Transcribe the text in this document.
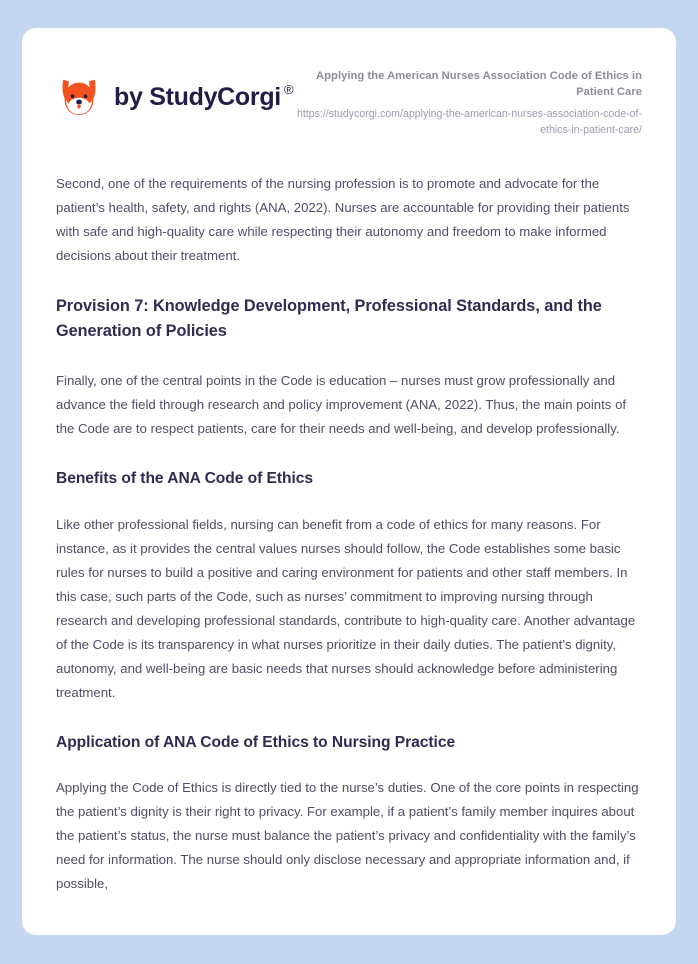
by StudyCorgi ®
Applying the American Nurses Association Code of Ethics in Patient Care
https://studycorgi.com/applying-the-american-nurses-association-code-of-ethics-in-patient-care/

Second, one of the requirements of the nursing profession is to promote and advocate for the patient’s health, safety, and rights (ANA, 2022). Nurses are accountable for providing their patients with safe and high-quality care while respecting their autonomy and freedom to make informed decisions about their treatment.

Provision 7: Knowledge Development, Professional Standards, and the Generation of Policies

Finally, one of the central points in the Code is education – nurses must grow professionally and advance the field through research and policy improvement (ANA, 2022). Thus, the main points of the Code are to respect patients, care for their needs and well-being, and develop professionally.

Benefits of the ANA Code of Ethics

Like other professional fields, nursing can benefit from a code of ethics for many reasons. For instance, as it provides the central values nurses should follow, the Code establishes some basic rules for nurses to build a positive and caring environment for patients and other staff members. In this case, such parts of the Code, such as nurses’ commitment to improving nursing through research and developing professional standards, contribute to high-quality care. Another advantage of the Code is its transparency in what nurses prioritize in their daily duties. The patient’s dignity, autonomy, and well-being are basic needs that nurses should acknowledge before administering treatment.

Application of ANA Code of Ethics to Nursing Practice

Applying the Code of Ethics is directly tied to the nurse’s duties. One of the core points in respecting the patient’s dignity is their right to privacy. For example, if a patient’s family member inquires about the patient’s status, the nurse must balance the patient’s privacy and confidentiality with the family’s need for information. The nurse should only disclose necessary and appropriate information and, if possible,
